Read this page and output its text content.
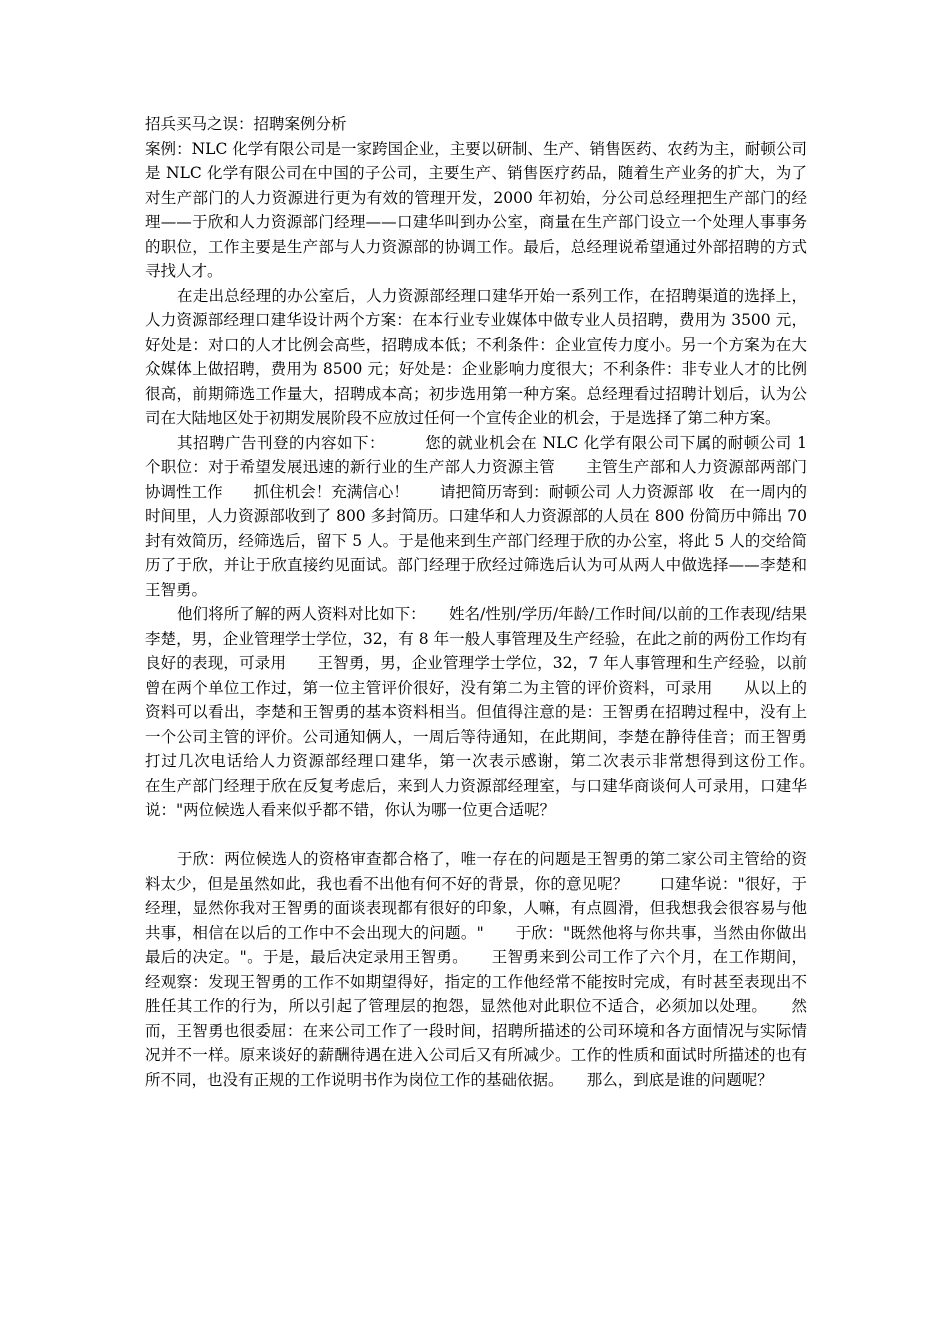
招兵买马之误：招聘案例分析

案例：NLC 化学有限公司是一家跨国企业，主要以研制、生产、销售医药、农药为主，耐顿公司是 NLC 化学有限公司在中国的子公司，主要生产、销售医疗药品，随着生产业务的扩大，为了对生产部门的人力资源进行更为有效的管理开发，2000 年初始，分公司总经理把生产部门的经理——于欣和人力资源部门经理——口建华叫到办公室，商量在生产部门设立一个处理人事事务的职位，工作主要是生产部与人力资源部的协调工作。最后，总经理说希望通过外部招聘的方式寻找人才。

在走出总经理的办公室后，人力资源部经理口建华开始一系列工作，在招聘渠道的选择上，人力资源部经理口建华设计两个方案：在本行业专业媒体中做专业人员招聘，费用为 3500 元，好处是：对口的人才比例会高些，招聘成本低；不利条件：企业宣传力度小。另一个方案为在大众媒体上做招聘，费用为 8500 元；好处是：企业影响力度很大；不利条件：非专业人才的比例很高，前期筛选工作量大，招聘成本高；初步选用第一种方案。总经理看过招聘计划后，认为公司在大陆地区处于初期发展阶段不应放过任何一个宣传企业的机会，于是选择了第二种方案。

其招聘广告刊登的内容如下：　　　您的就业机会在 NLC 化学有限公司下属的耐顿公司 1 个职位：对于希望发展迅速的新行业的生产部人力资源主管　　主管生产部和人力资源部两部门协调性工作　　抓住机会！充满信心！　　请把简历寄到：耐顿公司 人力资源部 收　在一周内的时间里，人力资源部收到了 800 多封简历。口建华和人力资源部的人员在 800 份简历中筛出 70 封有效简历，经筛选后，留下 5 人。于是他来到生产部门经理于欣的办公室，将此 5 人的交给简历了于欣，并让于欣直接约见面试。部门经理于欣经过筛选后认为可从两人中做选择——李楚和王智勇。

他们将所了解的两人资料对比如下：　　姓名/性别/学历/年龄/工作时间/以前的工作表现/结果　李楚，男，企业管理学士学位，32，有 8 年一般人事管理及生产经验，在此之前的两份工作均有良好的表现，可录用　　王智勇，男，企业管理学士学位，32，7 年人事管理和生产经验，以前曾在两个单位工作过，第一位主管评价很好，没有第二为主管的评价资料，可录用　　从以上的资料可以看出，李楚和王智勇的基本资料相当。但值得注意的是：王智勇在招聘过程中，没有上一个公司主管的评价。公司通知俩人，一周后等待通知，在此期间，李楚在静待佳音；而王智勇打过几次电话给人力资源部经理口建华，第一次表示感谢，第二次表示非常想得到这份工作。　　在生产部门经理于欣在反复考虑后，来到人力资源部经理室，与口建华商谈何人可录用，口建华说："两位候选人看来似乎都不错，你认为哪一位更合适呢？

于欣：两位候选人的资格审查都合格了，唯一存在的问题是王智勇的第二家公司主管给的资料太少，但是虽然如此，我也看不出他有何不好的背景，你的意见呢？　　口建华说："很好，于经理，显然你我对王智勇的面谈表现都有很好的印象，人嘛，有点圆滑，但我想我会很容易与他共事，相信在以后的工作中不会出现大的问题。"　　于欣："既然他将与你共事，当然由你做出最后的决定。"。于是，最后决定录用王智勇。　　王智勇来到公司工作了六个月，在工作期间，经观察：发现王智勇的工作不如期望得好，指定的工作他经常不能按时完成，有时甚至表现出不胜任其工作的行为，所以引起了管理层的抱怨，显然他对此职位不适合，必须加以处理。　　然而，王智勇也很委屈：在来公司工作了一段时间，招聘所描述的公司环境和各方面情况与实际情况并不一样。原来谈好的薪酬待遇在进入公司后又有所减少。工作的性质和面试时所描述的也有所不同，也没有正规的工作说明书作为岗位工作的基础依据。　　那么，到底是谁的问题呢？
